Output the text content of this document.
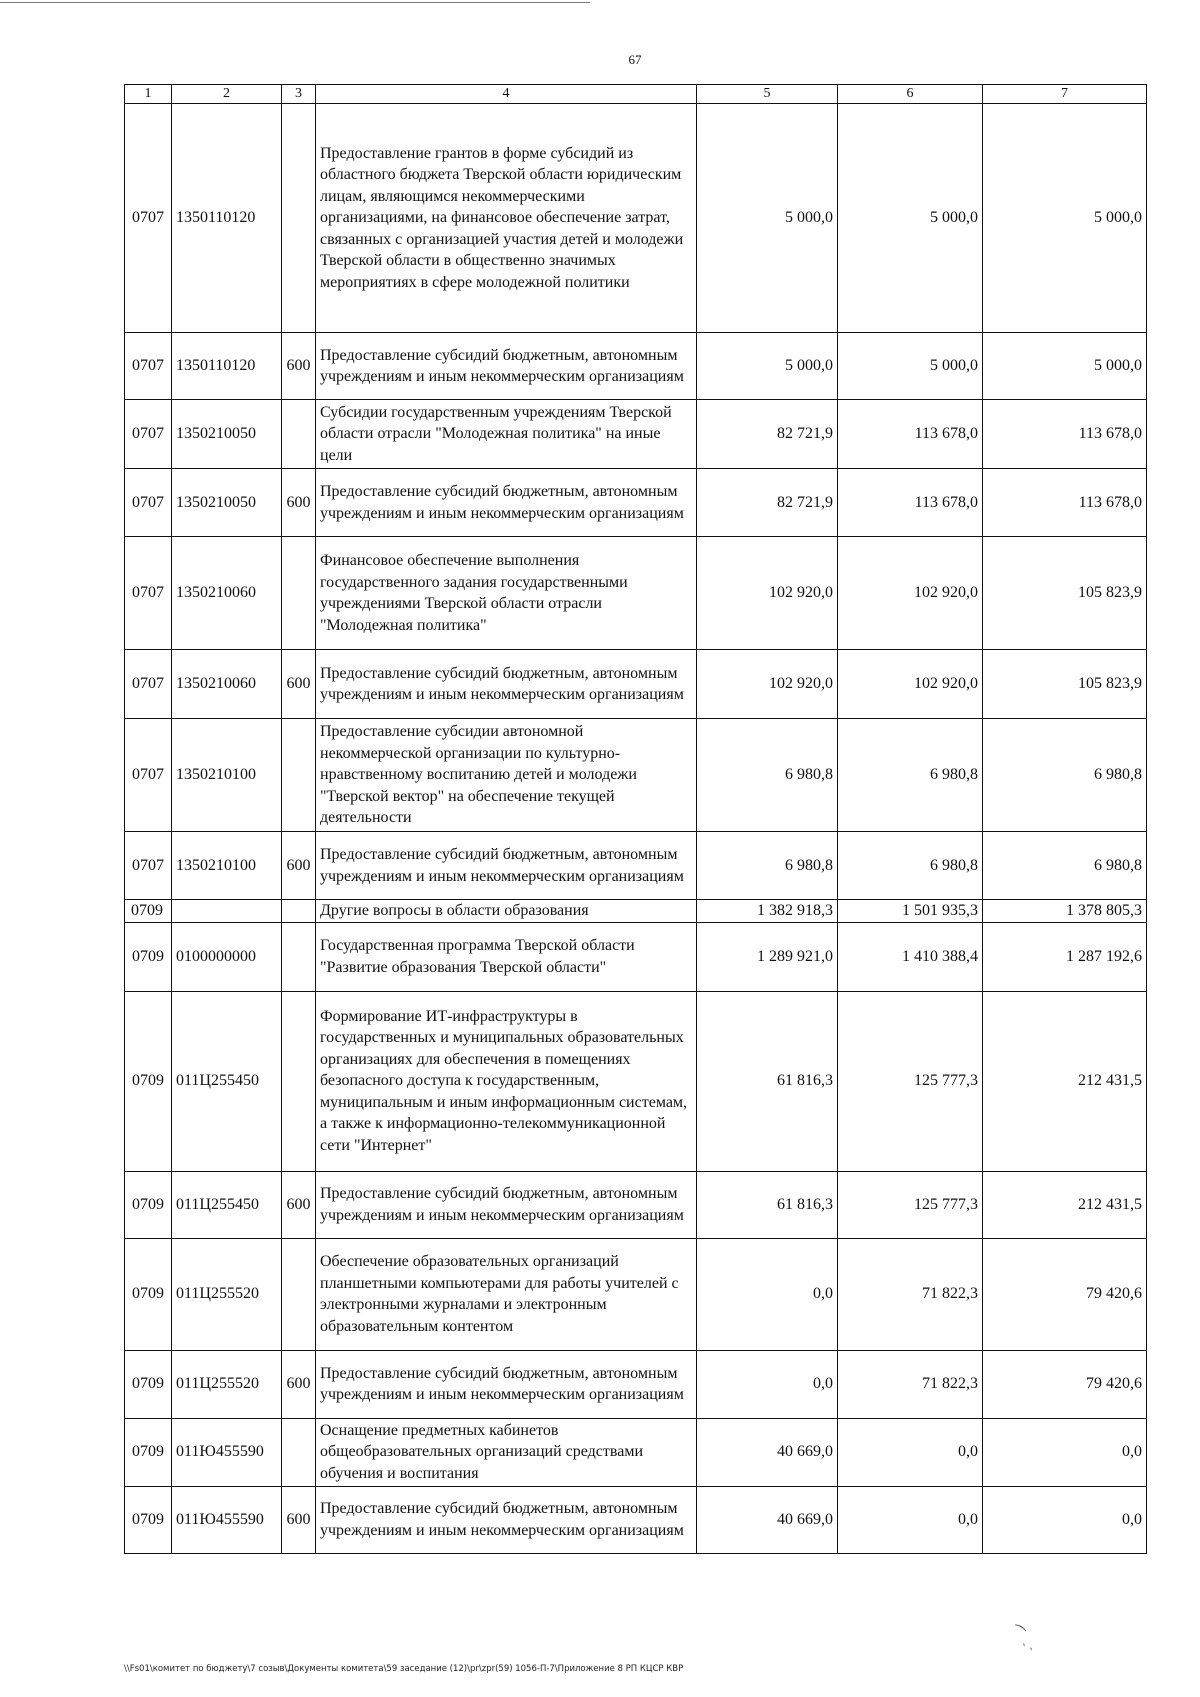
67
1	2	3	4	5	6	7
0707	1350110120		Предоставление грантов в форме субсидий из областного бюджета Тверской области юридическим лицам, являющимся некоммерческими организациями, на финансовое обеспечение затрат, связанных с организацией участия детей и молодежи Тверской области в общественно значимых мероприятиях в сфере молодежной политики	5 000,0	5 000,0	5 000,0
0707	1350110120	600	Предоставление субсидий бюджетным, автономным учреждениям и иным некоммерческим организациям	5 000,0	5 000,0	5 000,0
0707	1350210050		Субсидии государственным учреждениям Тверской области отрасли "Молодежная политика" на иные цели	82 721,9	113 678,0	113 678,0
0707	1350210050	600	Предоставление субсидий бюджетным, автономным учреждениям и иным некоммерческим организациям	82 721,9	113 678,0	113 678,0
0707	1350210060		Финансовое обеспечение выполнения государственного задания государственными учреждениями Тверской области отрасли "Молодежная политика"	102 920,0	102 920,0	105 823,9
0707	1350210060	600	Предоставление субсидий бюджетным, автономным учреждениям и иным некоммерческим организациям	102 920,0	102 920,0	105 823,9
0707	1350210100		Предоставление субсидии автономной некоммерческой организации по культурно-нравственному воспитанию детей и молодежи "Тверской вектор" на обеспечение текущей деятельности	6 980,8	6 980,8	6 980,8
0707	1350210100	600	Предоставление субсидий бюджетным, автономным учреждениям и иным некоммерческим организациям	6 980,8	6 980,8	6 980,8
0709			Другие вопросы в области образования	1 382 918,3	1 501 935,3	1 378 805,3
0709	0100000000		Государственная программа Тверской области "Развитие образования Тверской области"	1 289 921,0	1 410 388,4	1 287 192,6
0709	011Ц255450		Формирование ИТ-инфраструктуры в государственных и муниципальных образовательных организациях для обеспечения в помещениях безопасного доступа к государственным, муниципальным и иным информационным системам, а также к информационно-телекоммуникационной сети "Интернет"	61 816,3	125 777,3	212 431,5
0709	011Ц255450	600	Предоставление субсидий бюджетным, автономным учреждениям и иным некоммерческим организациям	61 816,3	125 777,3	212 431,5
0709	011Ц255520		Обеспечение образовательных организаций планшетными компьютерами для работы учителей с электронными журналами и электронным образовательным контентом	0,0	71 822,3	79 420,6
0709	011Ц255520	600	Предоставление субсидий бюджетным, автономным учреждениям и иным некоммерческим организациям	0,0	71 822,3	79 420,6
0709	011Ю455590		Оснащение предметных кабинетов общеобразовательных организаций средствами обучения и воспитания	40 669,0	0,0	0,0
0709	011Ю455590	600	Предоставление субсидий бюджетным, автономным учреждениям и иным некоммерческим организациям	40 669,0	0,0	0,0
⁀ ˎ ˏ
\\Fs01\комитет по бюджету\7 созыв\Документы комитета\59 заседание (12)\pr\zpr(59) 1056-П-7\Приложение 8 РП КЦСР КВР
